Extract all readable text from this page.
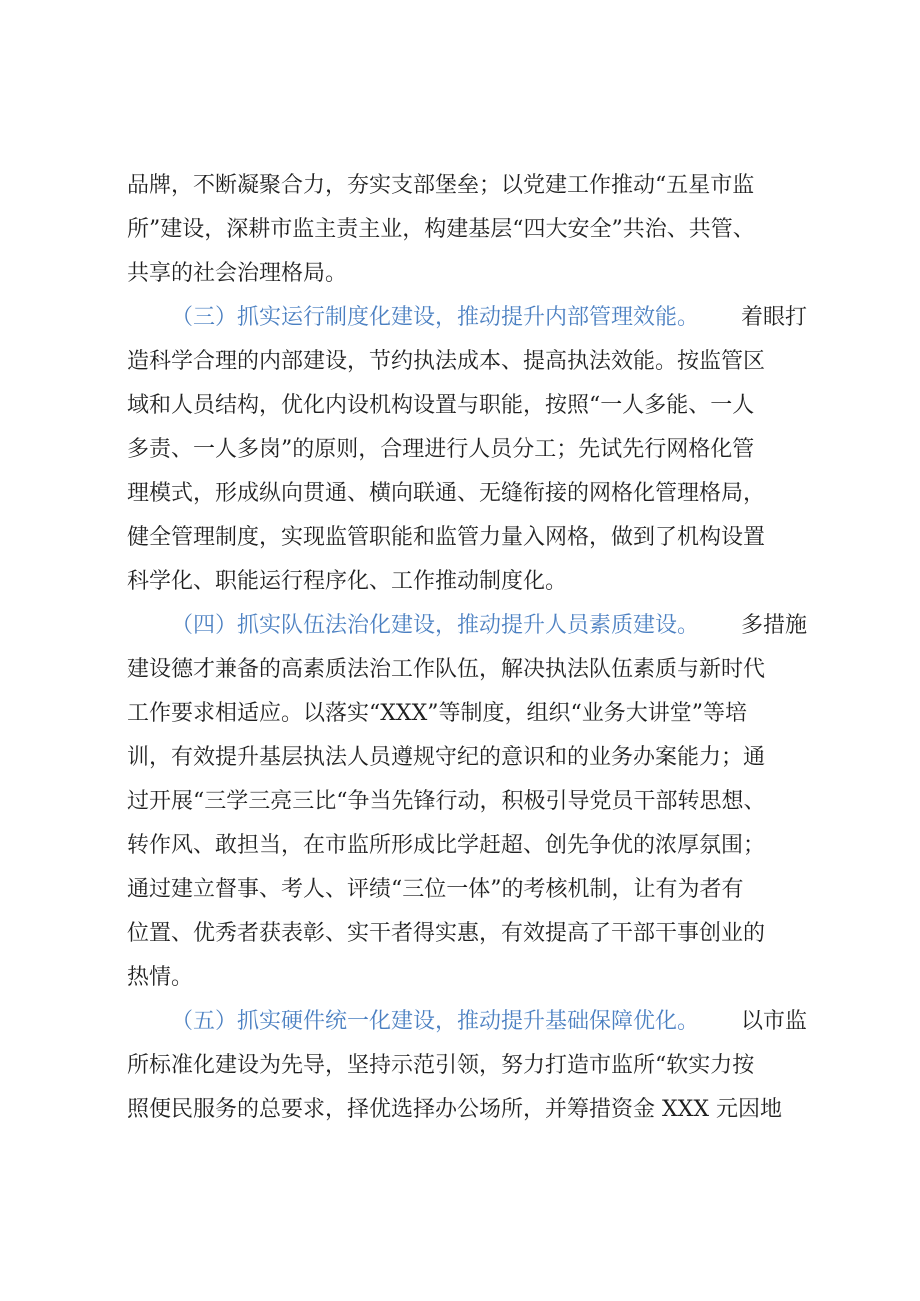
品牌，不断凝聚合力，夯实支部堡垒；以党建工作推动“五星市监
所”建设，深耕市监主责主业，构建基层“四大安全”共治、共管、
共享的社会治理格局。
（三）抓实运行制度化建设，推动提升内部管理效能。 着眼打
造科学合理的内部建设，节约执法成本、提高执法效能。按监管区
域和人员结构，优化内设机构设置与职能，按照“一人多能、一人
多责、一人多岗”的原则，合理进行人员分工；先试先行网格化管
理模式，形成纵向贯通、横向联通、无缝衔接的网格化管理格局，
健全管理制度，实现监管职能和监管力量入网格，做到了机构设置
科学化、职能运行程序化、工作推动制度化。
（四）抓实队伍法治化建设，推动提升人员素质建设。 多措施
建设德才兼备的高素质法治工作队伍，解决执法队伍素质与新时代
工作要求相适应。以落实“XXX”等制度，组织“业务大讲堂”等培
训，有效提升基层执法人员遵规守纪的意识和的业务办案能力；通
过开展“三学三亮三比“争当先锋行动，积极引导党员干部转思想、
转作风、敢担当，在市监所形成比学赶超、创先争优的浓厚氛围；
通过建立督事、考人、评绩“三位一体”的考核机制，让有为者有
位置、优秀者获表彰、实干者得实惠，有效提高了干部干事创业的
热情。
（五）抓实硬件统一化建设，推动提升基础保障优化。 以市监
所标准化建设为先导，坚持示范引领，努力打造市监所“软实力按
照便民服务的总要求，择优选择办公场所，并筹措资金 XXX 元因地
